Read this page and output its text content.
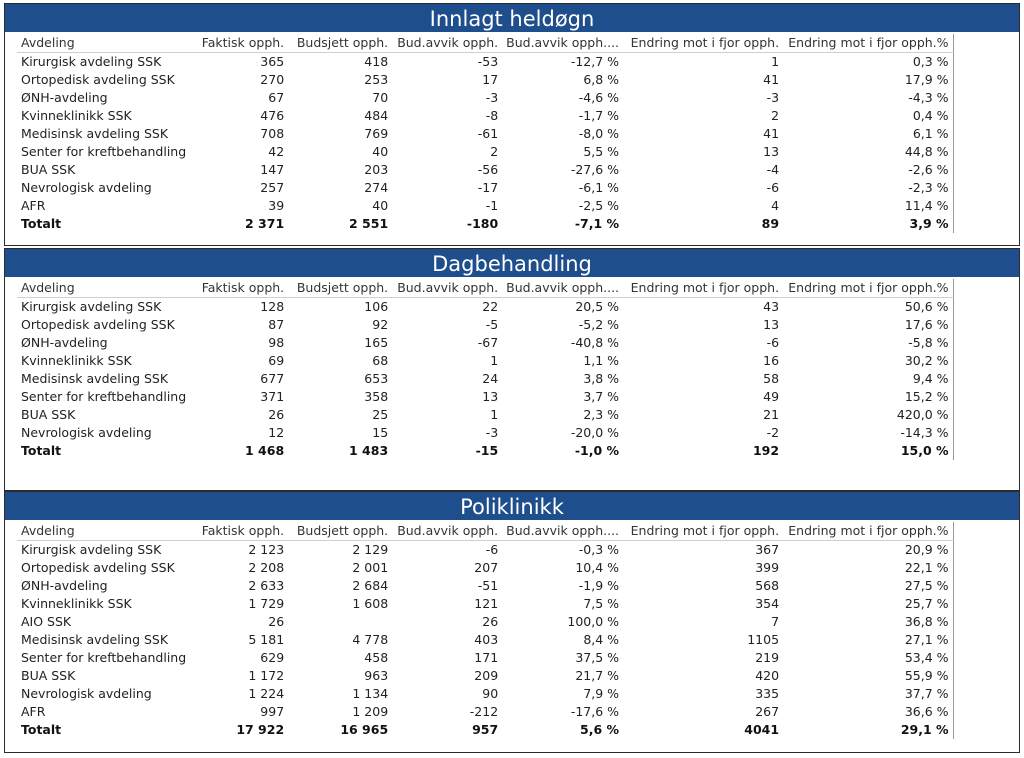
Innlagt heldøgn
Avdeling	Faktisk opph.	Budsjett opph.	Bud.avvik opph.	Bud.avvik opph....	Endring mot i fjor opph.	Endring mot i fjor opph.%
Kirurgisk avdeling SSK	365	418	-53	-12,7 %	1	0,3 %
Ortopedisk avdeling SSK	270	253	17	6,8 %	41	17,9 %
ØNH-avdeling	67	70	-3	-4,6 %	-3	-4,3 %
Kvinneklinikk SSK	476	484	-8	-1,7 %	2	0,4 %
Medisinsk avdeling SSK	708	769	-61	-8,0 %	41	6,1 %
Senter for kreftbehandling	42	40	2	5,5 %	13	44,8 %
BUA SSK	147	203	-56	-27,6 %	-4	-2,6 %
Nevrologisk avdeling	257	274	-17	-6,1 %	-6	-2,3 %
AFR	39	40	-1	-2,5 %	4	11,4 %
Totalt	2 371	2 551	-180	-7,1 %	89	3,9 %
Dagbehandling
Avdeling	Faktisk opph.	Budsjett opph.	Bud.avvik opph.	Bud.avvik opph....	Endring mot i fjor opph.	Endring mot i fjor opph.%
Kirurgisk avdeling SSK	128	106	22	20,5 %	43	50,6 %
Ortopedisk avdeling SSK	87	92	-5	-5,2 %	13	17,6 %
ØNH-avdeling	98	165	-67	-40,8 %	-6	-5,8 %
Kvinneklinikk SSK	69	68	1	1,1 %	16	30,2 %
Medisinsk avdeling SSK	677	653	24	3,8 %	58	9,4 %
Senter for kreftbehandling	371	358	13	3,7 %	49	15,2 %
BUA SSK	26	25	1	2,3 %	21	420,0 %
Nevrologisk avdeling	12	15	-3	-20,0 %	-2	-14,3 %
Totalt	1 468	1 483	-15	-1,0 %	192	15,0 %
Poliklinikk
Avdeling	Faktisk opph.	Budsjett opph.	Bud.avvik opph.	Bud.avvik opph....	Endring mot i fjor opph.	Endring mot i fjor opph.%
Kirurgisk avdeling SSK	2 123	2 129	-6	-0,3 %	367	20,9 %
Ortopedisk avdeling SSK	2 208	2 001	207	10,4 %	399	22,1 %
ØNH-avdeling	2 633	2 684	-51	-1,9 %	568	27,5 %
Kvinneklinikk SSK	1 729	1 608	121	7,5 %	354	25,7 %
AIO SSK	26		26	100,0 %	7	36,8 %
Medisinsk avdeling SSK	5 181	4 778	403	8,4 %	1105	27,1 %
Senter for kreftbehandling	629	458	171	37,5 %	219	53,4 %
BUA SSK	1 172	963	209	21,7 %	420	55,9 %
Nevrologisk avdeling	1 224	1 134	90	7,9 %	335	37,7 %
AFR	997	1 209	-212	-17,6 %	267	36,6 %
Totalt	17 922	16 965	957	5,6 %	4041	29,1 %
